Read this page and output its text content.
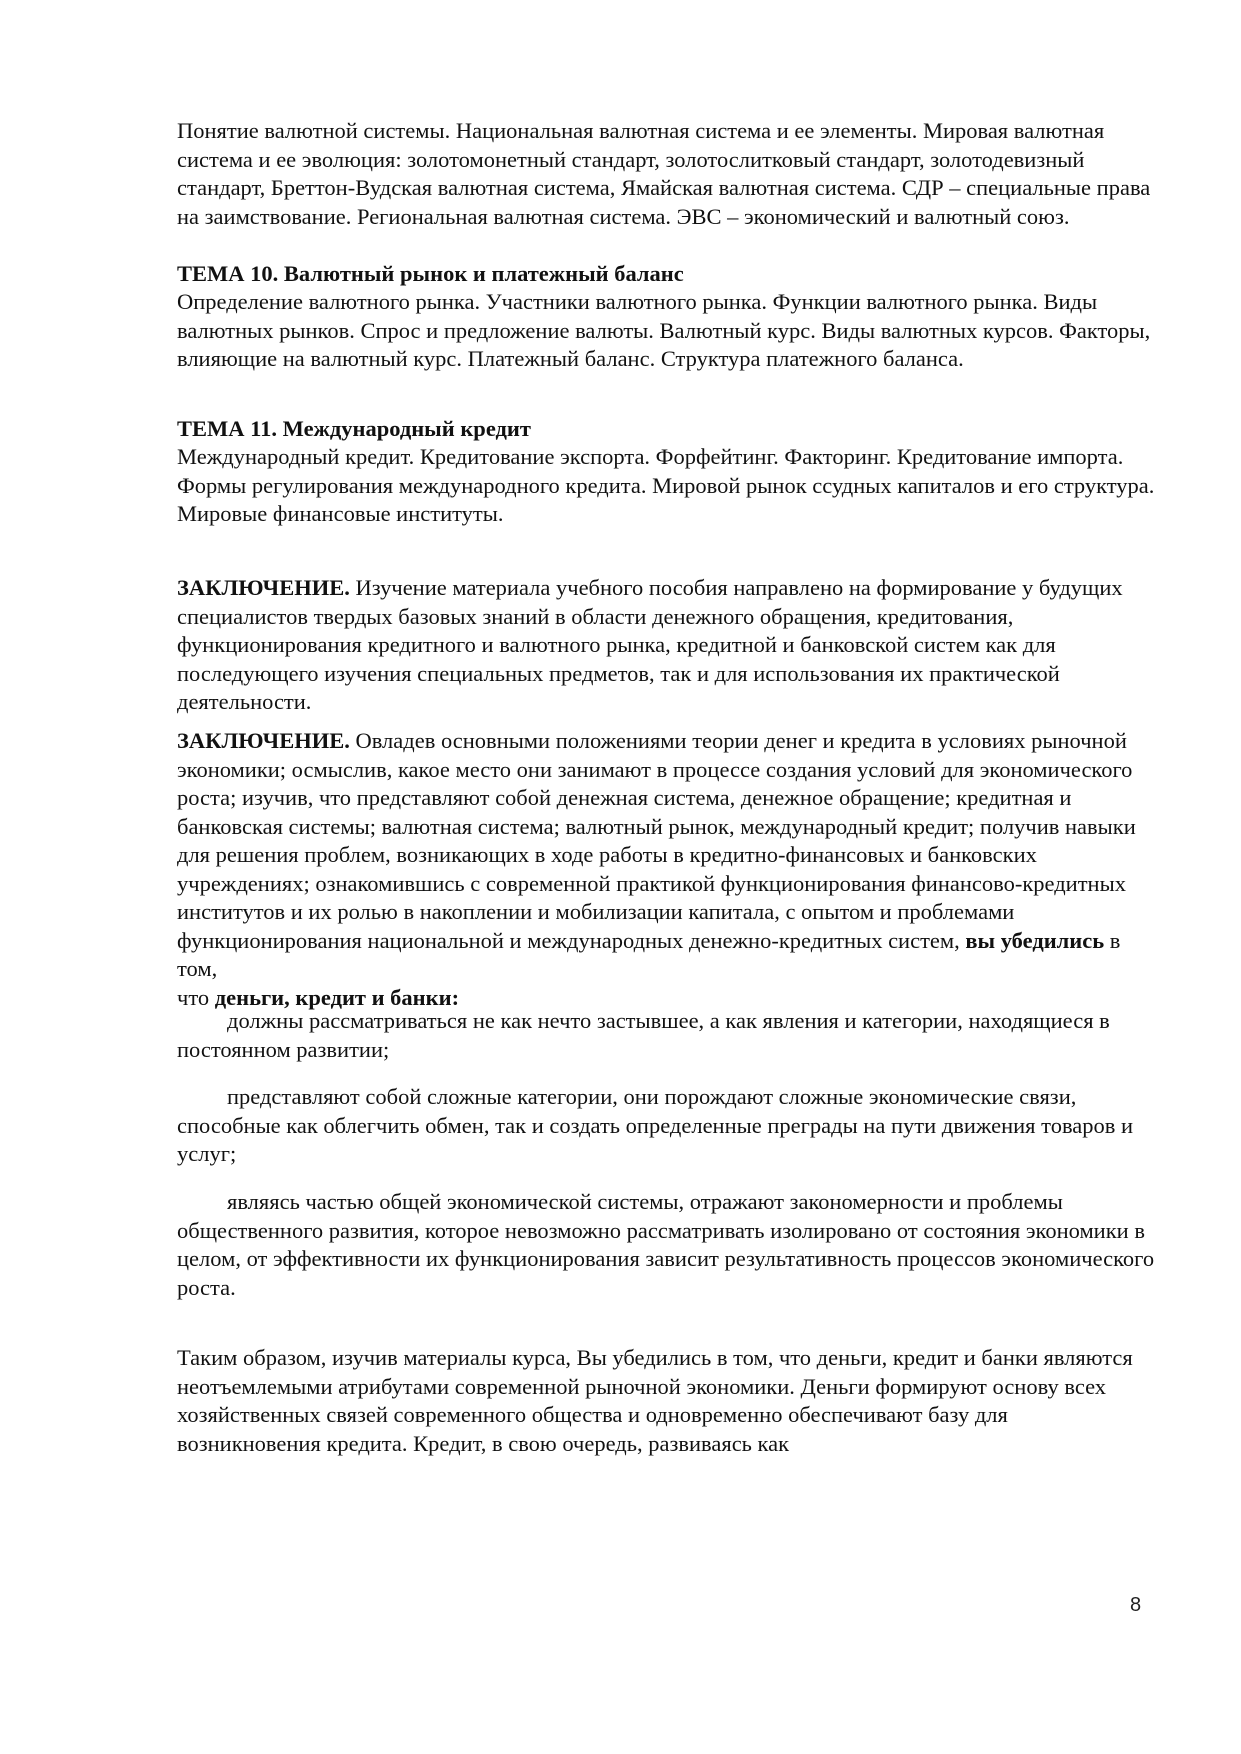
Понятие валютной системы. Национальная валютная система и ее элементы. Мировая валютная система и ее эволюция: золотомонетный стандарт, золотослитковый стандарт, золотодевизный стандарт, Бреттон-Вудская валютная система, Ямайская валютная система. СДР – специальные права на заимствование. Региональная валютная система. ЭВС – экономический и валютный союз.

ТЕМА 10. Валютный рынок и платежный баланс

Определение валютного рынка. Участники валютного рынка. Функции валютного рынка. Виды валютных рынков. Спрос и предложение валюты. Валютный курс. Виды валютных курсов. Факторы, влияющие на валютный курс. Платежный баланс. Структура платежного баланса.

ТЕМА 11. Международный кредит

Международный кредит. Кредитование экспорта. Форфейтинг. Факторинг. Кредитование импорта. Формы регулирования международного кредита. Мировой рынок ссудных капиталов и его структура. Мировые финансовые институты.

ЗАКЛЮЧЕНИЕ. Изучение материала учебного пособия направлено на формирование у будущих специалистов твердых базовых знаний в области денежного обращения, кредитования, функционирования кредитного и валютного рынка, кредитной и банковской систем как для последующего изучения специальных предметов, так и для использования их практической деятельности.

ЗАКЛЮЧЕНИЕ. Овладев основными положениями теории денег и кредита в условиях рыночной экономики; осмыслив, какое место они занимают в процессе создания условий для экономического роста; изучив, что представляют собой денежная система, денежное обращение; кредитная и банковская системы; валютная система; валютный рынок, международный кредит; получив навыки для решения проблем, возникающих в ходе работы в кредитно-финансовых и банковских учреждениях; ознакомившись с современной практикой функционирования финансово-кредитных институтов и их ролью в накоплении и мобилизации капитала, с опытом и проблемами функционирования национальной и международных денежно-кредитных систем, вы убедились в том,
что деньги, кредит и банки:

должны рассматриваться не как нечто застывшее, а как явления и категории, находящиеся в постоянном развитии;

представляют собой сложные категории, они порождают сложные экономические связи, способные как облегчить обмен, так и создать определенные преграды на пути движения товаров и услуг;

являясь частью общей экономической системы, отражают закономерности и проблемы общественного развития, которое невозможно рассматривать изолировано от состояния экономики в целом, от эффективности их функционирования зависит результативность процессов экономического роста.

Таким образом, изучив материалы курса, Вы убедились в том, что деньги, кредит и банки являются неотъемлемыми атрибутами современной рыночной экономики. Деньги формируют основу всех хозяйственных связей современного общества и одновременно обеспечивают базу для возникновения кредита. Кредит, в свою очередь, развиваясь как

8
